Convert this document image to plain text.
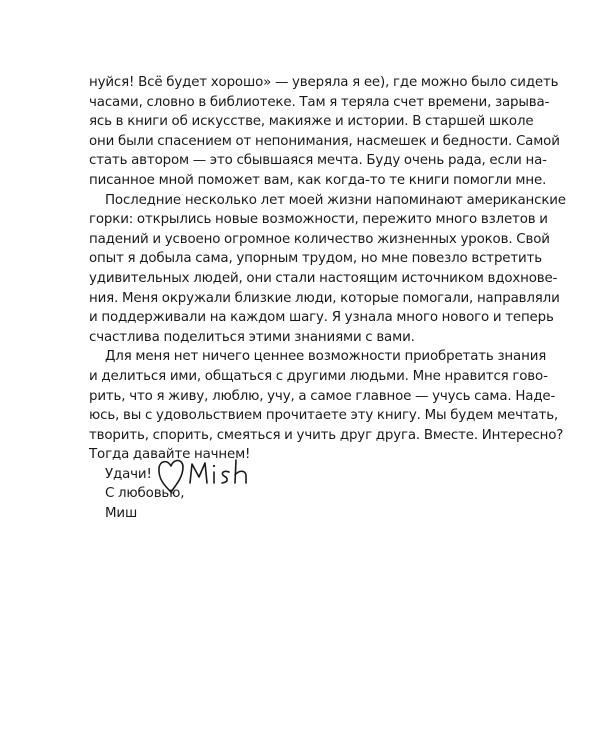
нуйся! Всё будет хорошо» — уверяла я ее), где можно было сидеть
часами, словно в библиотеке. Там я теряла счет времени, зарыва-
ясь в книги об искусстве, макияже и истории. В старшей школе
они были спасением от непонимания, насмешек и бедности. Самой
стать автором — это сбывшаяся мечта. Буду очень рада, если на-
писанное мной поможет вам, как когда-то те книги помогли мне.
Последние несколько лет моей жизни напоминают американские
горки: открылись новые возможности, пережито много взлетов и
падений и усвоено огромное количество жизненных уроков. Свой
опыт я добыла сама, упорным трудом, но мне повезло встретить
удивительных людей, они стали настоящим источником вдохнове-
ния. Меня окружали близкие люди, которые помогали, направляли
и поддерживали на каждом шагу. Я узнала много нового и теперь
счастлива поделиться этими знаниями с вами.
Для меня нет ничего ценнее возможности приобретать знания
и делиться ими, общаться с другими людьми. Мне нравится гово-
рить, что я живу, люблю, учу, а самое главное — учусь сама. Наде-
юсь, вы с удовольствием прочитаете эту книгу. Мы будем мечтать,
творить, спорить, смеяться и учить друг друга. Вместе. Интересно?
Тогда давайте начнем!
Удачи!
С любовью,
Миш
